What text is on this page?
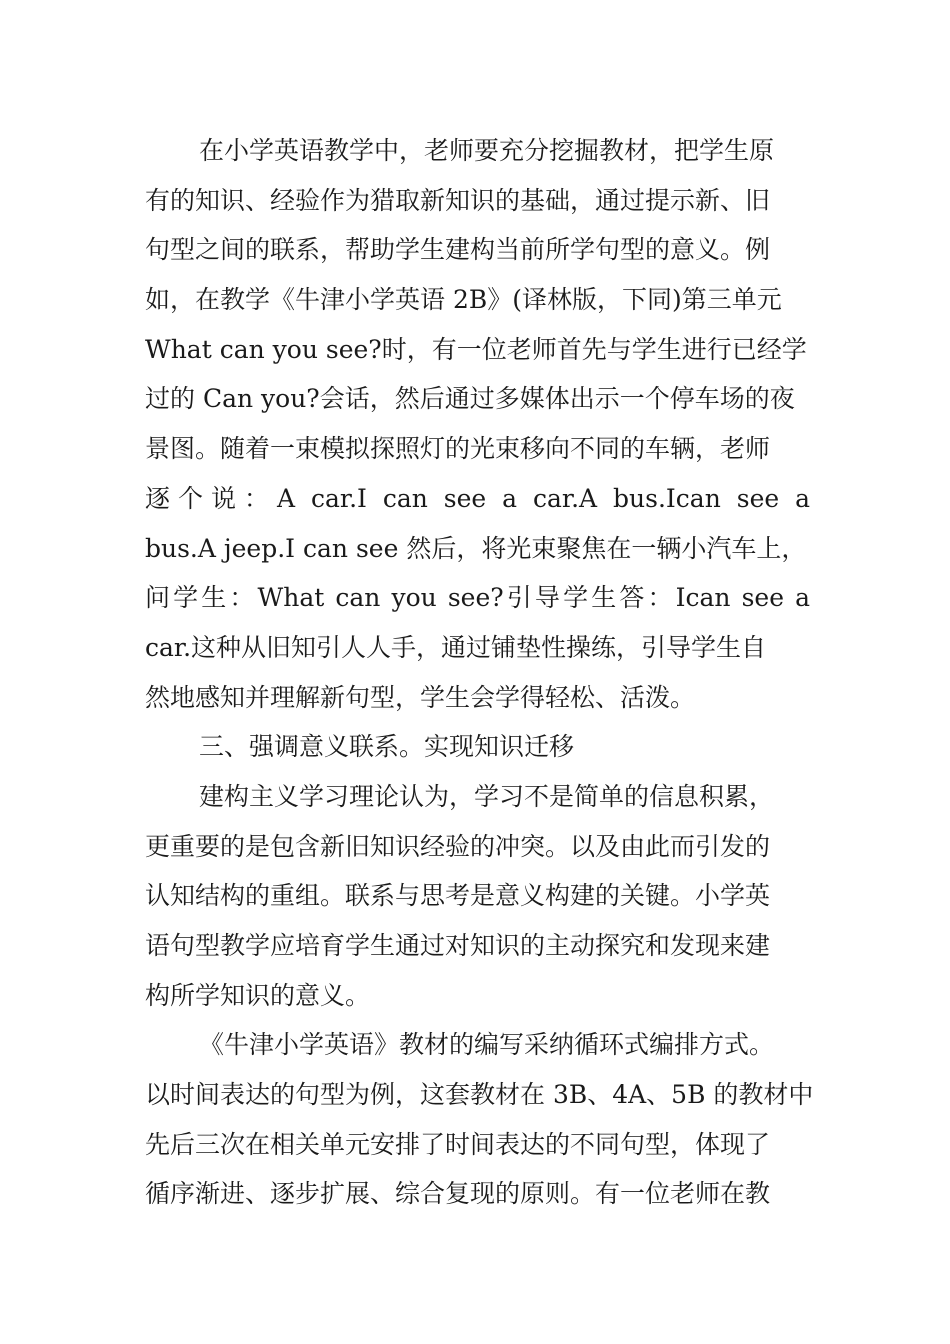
在小学英语教学中，老师要充分挖掘教材，把学生原
有的知识、经验作为猎取新知识的基础，通过提示新、旧
句型之间的联系，帮助学生建构当前所学句型的意义。例
如，在教学《牛津小学英语 2B》(译林版，下同)第三单元
What can you see?时，有一位老师首先与学生进行已经学
过的 Can you?会话，然后通过多媒体出示一个停车场的夜
景图。随着一束模拟探照灯的光束移向不同的车辆，老师
逐个说：A car.I can see a car.A bus.Ican see a
bus.A jeep.I can see 然后，将光束聚焦在一辆小汽车上，
问学生：What can you see?引导学生答：Ican see a
car.这种从旧知引人人手，通过铺垫性操练，引导学生自
然地感知并理解新句型，学生会学得轻松、活泼。
三、强调意义联系。实现知识迁移
建构主义学习理论认为，学习不是简单的信息积累，
更重要的是包含新旧知识经验的冲突。以及由此而引发的
认知结构的重组。联系与思考是意义构建的关键。小学英
语句型教学应培育学生通过对知识的主动探究和发现来建
构所学知识的意义。
《牛津小学英语》教材的编写采纳循环式编排方式。
以时间表达的句型为例，这套教材在 3B、4A、5B 的教材中
先后三次在相关单元安排了时间表达的不同句型，体现了
循序渐进、逐步扩展、综合复现的原则。有一位老师在教
